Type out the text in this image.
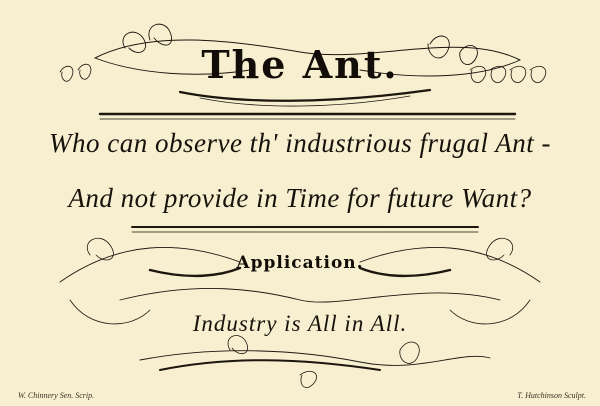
The Ant.
Who can observe th' industrious frugal Ant -
And not provide in Time for future Want?
Application.
Industry is All in All.
W. Chinnery Sen. Scrip.	T. Hutchinson Sculpt.
